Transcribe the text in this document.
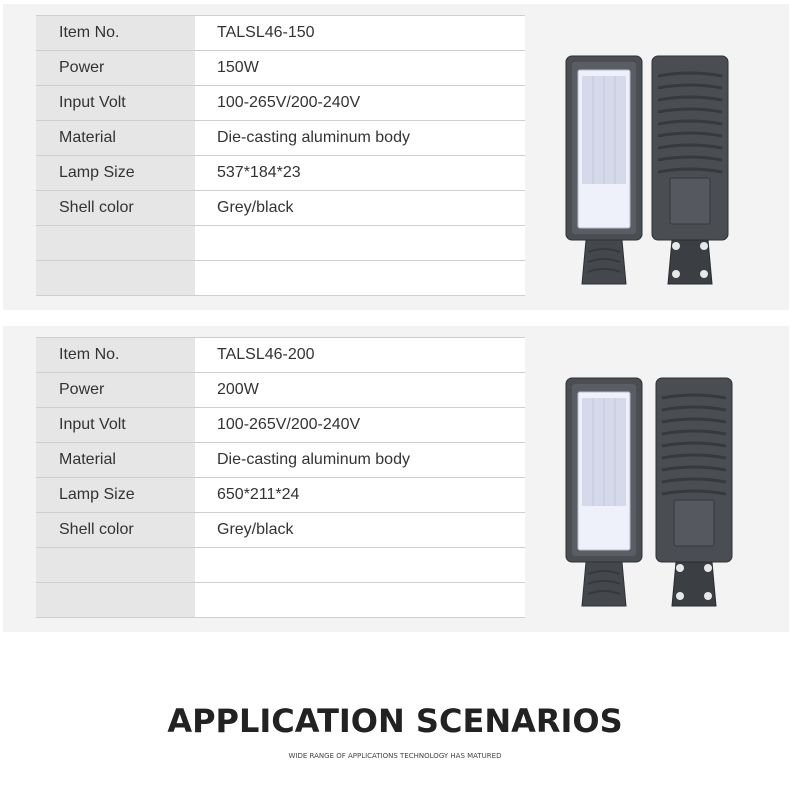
Item No.	TALSL46-150
Power	150W
Input Volt	100-265V/200-240V
Material	Die-casting aluminum body
Lamp Size	537*184*23
Shell color	Grey/black
Item No.	TALSL46-200
Power	200W
Input Volt	100-265V/200-240V
Material	Die-casting aluminum body
Lamp Size	650*211*24
Shell color	Grey/black
APPLICATION SCENARIOS
WIDE RANGE OF APPLICATIONS TECHNOLOGY HAS MATURED
